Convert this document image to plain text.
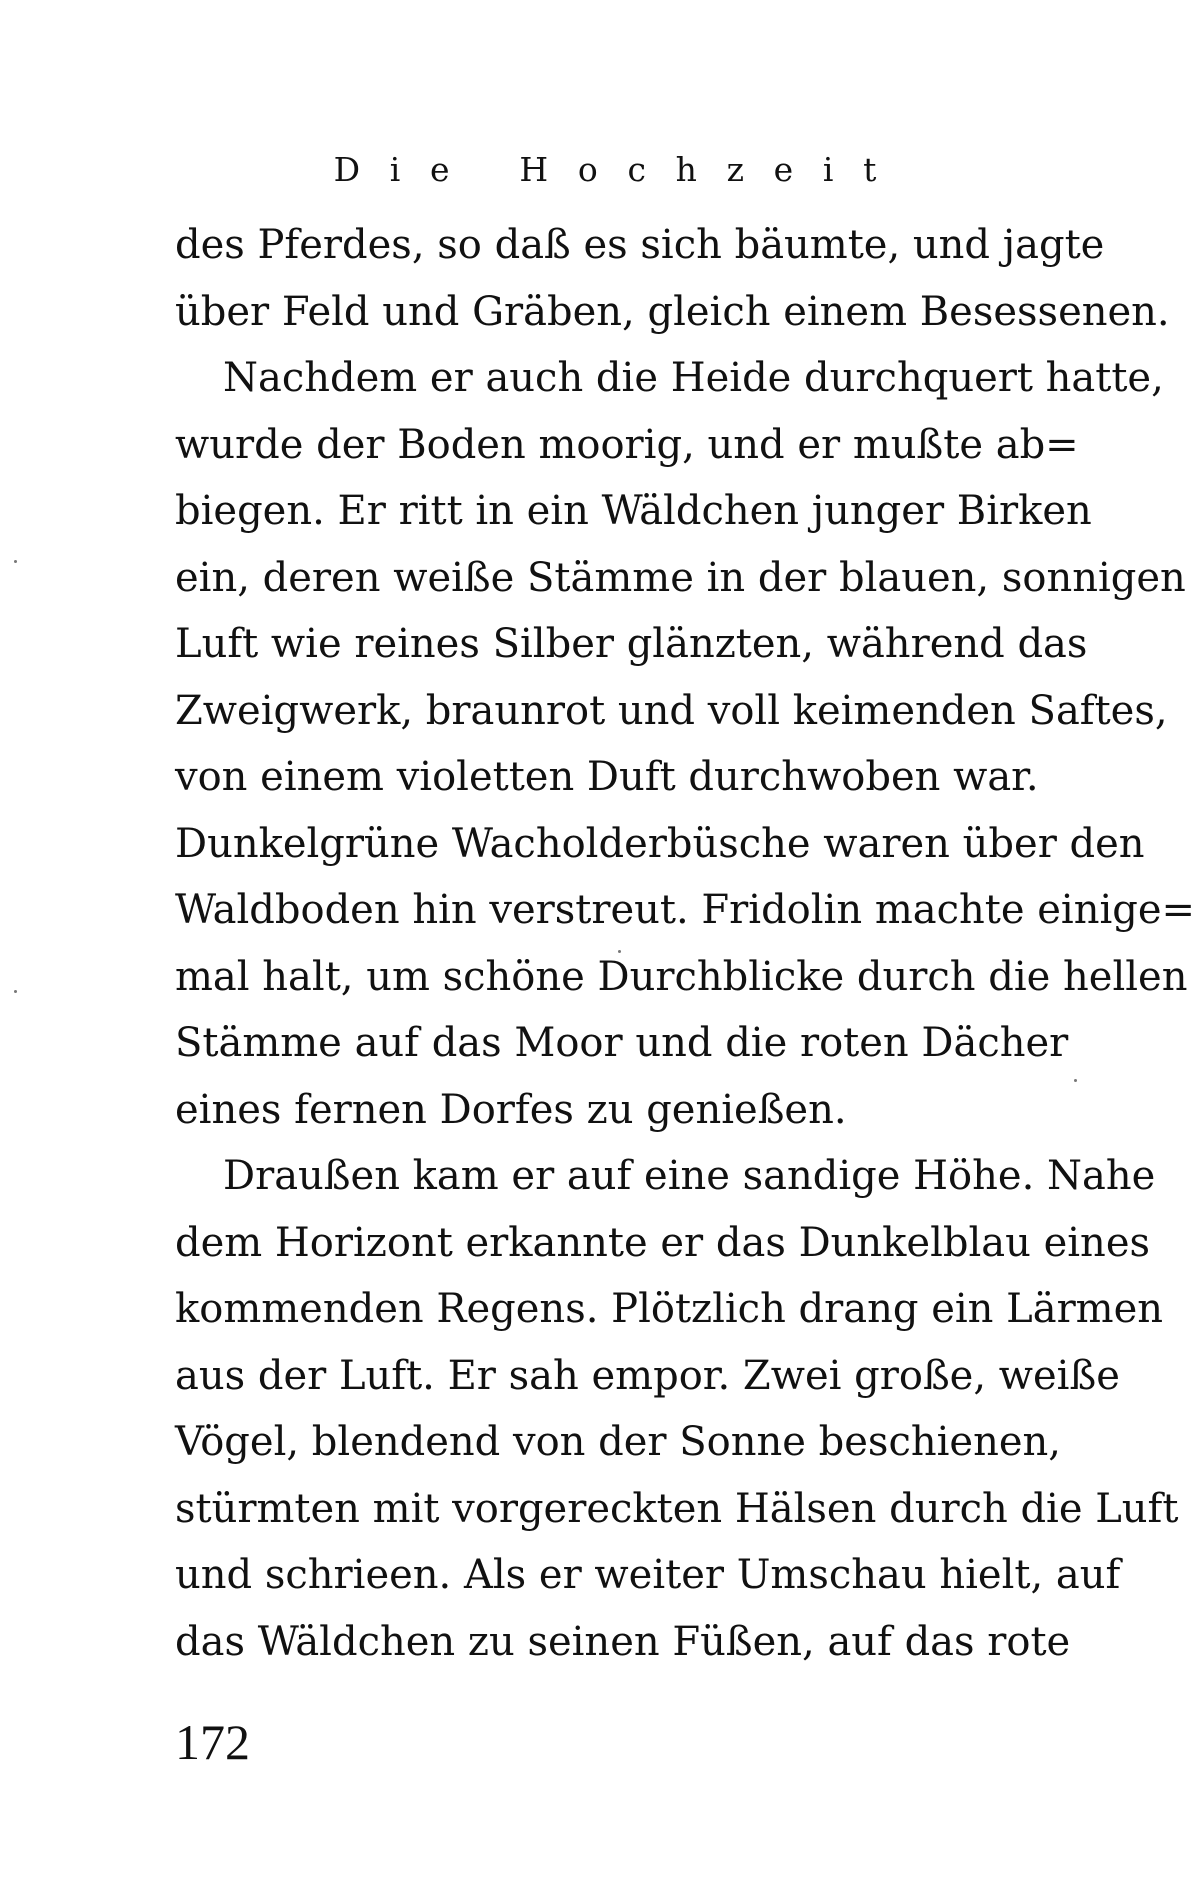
Die Hochzeit
des Pferdes, so daß es sich bäumte, und jagte
über Feld und Gräben, gleich einem Besessenen.
Nachdem er auch die Heide durchquert hatte,
wurde der Boden moorig, und er mußte ab=
biegen. Er ritt in ein Wäldchen junger Birken
ein, deren weiße Stämme in der blauen, sonnigen
Luft wie reines Silber glänzten, während das
Zweigwerk, braunrot und voll keimenden Saftes,
von einem violetten Duft durchwoben war.
Dunkelgrüne Wacholderbüsche waren über den
Waldboden hin verstreut. Fridolin machte einige=
mal halt, um schöne Durchblicke durch die hellen
Stämme auf das Moor und die roten Dächer
eines fernen Dorfes zu genießen.
Draußen kam er auf eine sandige Höhe. Nahe
dem Horizont erkannte er das Dunkelblau eines
kommenden Regens. Plötzlich drang ein Lärmen
aus der Luft. Er sah empor. Zwei große, weiße
Vögel, blendend von der Sonne beschienen,
stürmten mit vorgereckten Hälsen durch die Luft
und schrieen. Als er weiter Umschau hielt, auf
das Wäldchen zu seinen Füßen, auf das rote
172
